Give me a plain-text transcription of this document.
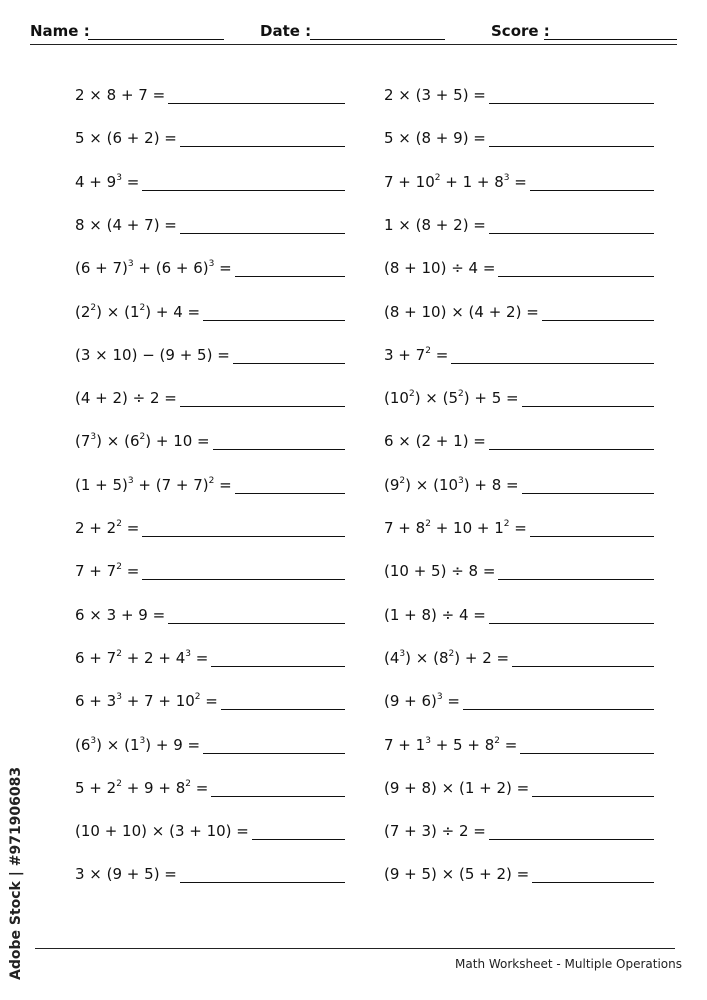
Name :	Date :	Score :
2 × 8 + 7 =
5 × (6 + 2) =
$4 + 9^3$ =
8 × (4 + 7) =
$(6 + 7)^3 + (6 + 6)^3$ =
$(2^2) \times (1^2) + 4$ =
(3 × 10) − (9 + 5) =
(4 + 2) ÷ 2 =
$(7^3) \times (6^2) + 10$ =
$(1 + 5)^3 + (7 + 7)^2$ =
$2 + 2^2$ =
$7 + 7^2$ =
6 × 3 + 9 =
$6 + 7^2 + 2 + 4^3$ =
$6 + 3^3 + 7 + 10^2$ =
$(6^3) \times (1^3) + 9$ =
$5 + 2^2 + 9 + 8^2$ =
(10 + 10) × (3 + 10) =
3 × (9 + 5) =
2 × (3 + 5) =
5 × (8 + 9) =
$7 + 10^2 + 1 + 8^3$ =
1 × (8 + 2) =
(8 + 10) ÷ 4 =
(8 + 10) × (4 + 2) =
$3 + 7^2$ =
$(10^2) \times (5^2) + 5$ =
6 × (2 + 1) =
$(9^2) \times (10^3) + 8$ =
$7 + 8^2 + 10 + 1^2$ =
(10 + 5) ÷ 8 =
(1 + 8) ÷ 4 =
$(4^3) \times (8^2) + 2$ =
$(9 + 6)^3$ =
$7 + 1^3 + 5 + 8^2$ =
(9 + 8) × (1 + 2) =
(7 + 3) ÷ 2 =
(9 + 5) × (5 + 2) =
Adobe Stock | #971906083	Math Worksheet - Multiple Operations
